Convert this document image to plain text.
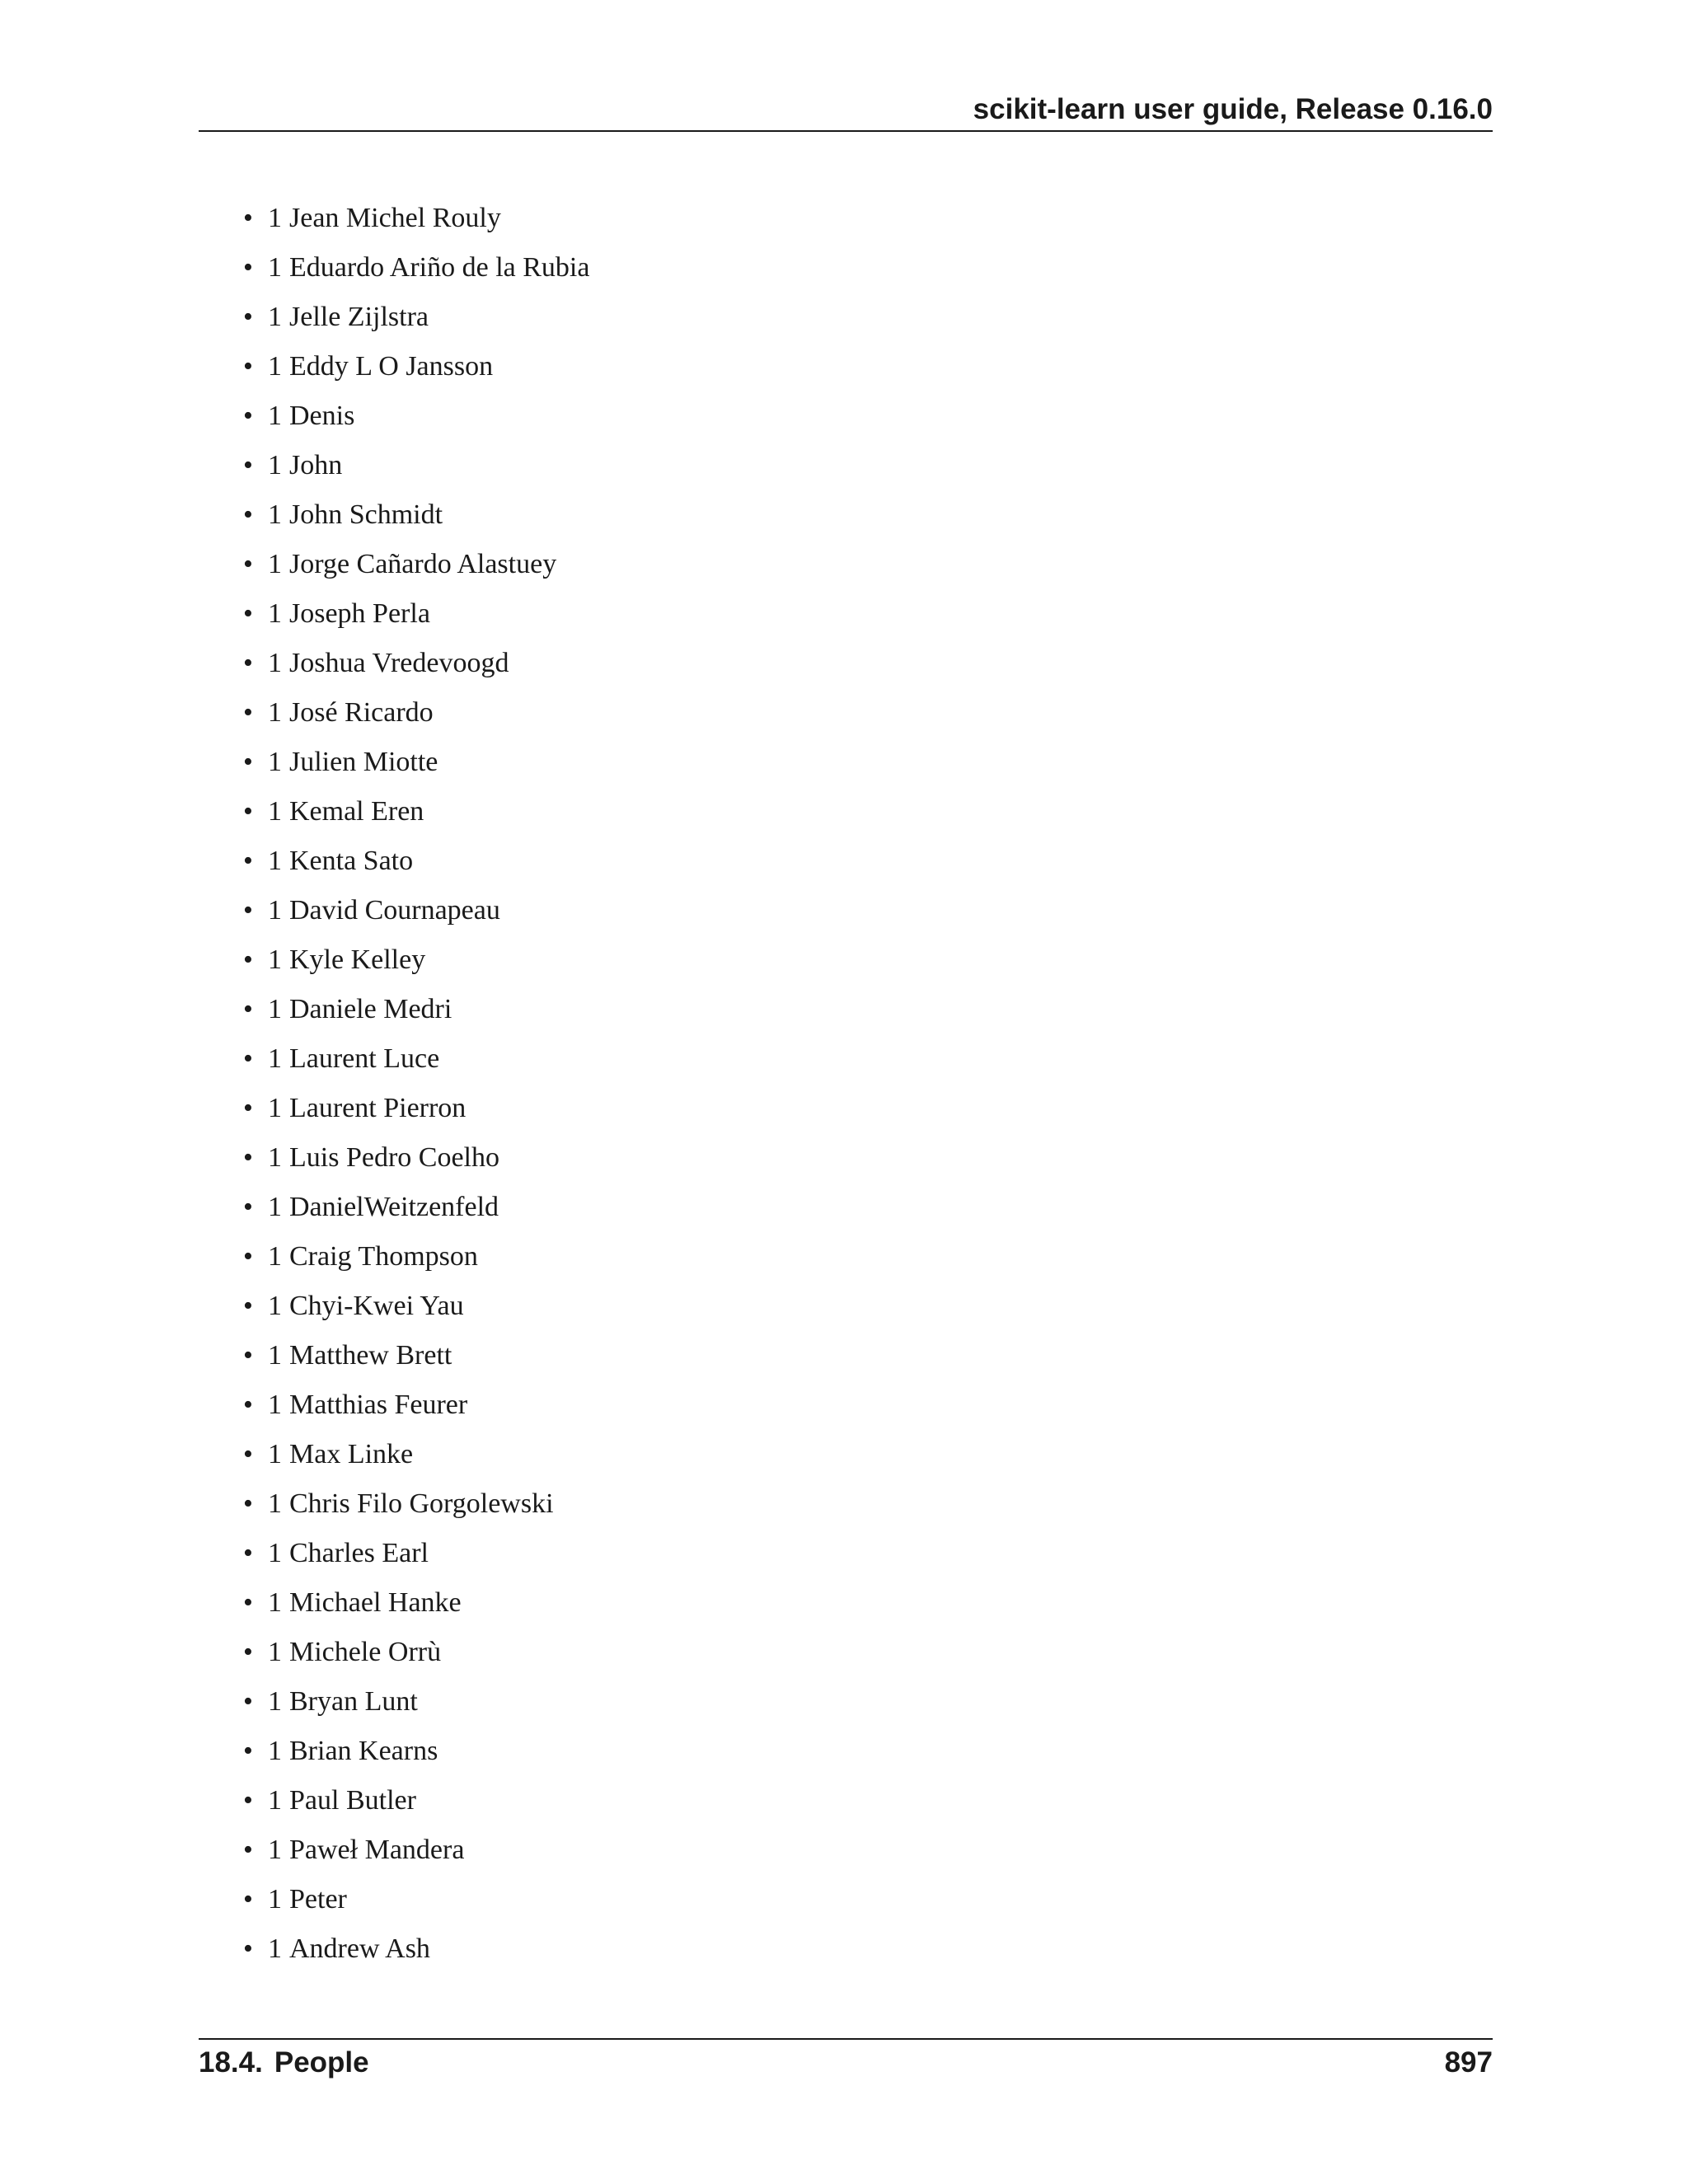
scikit-learn user guide, Release 0.16.0
• 1 Jean Michel Rouly
• 1 Eduardo Ariño de la Rubia
• 1 Jelle Zijlstra
• 1 Eddy L O Jansson
• 1 Denis
• 1 John
• 1 John Schmidt
• 1 Jorge Cañardo Alastuey
• 1 Joseph Perla
• 1 Joshua Vredevoogd
• 1 José Ricardo
• 1 Julien Miotte
• 1 Kemal Eren
• 1 Kenta Sato
• 1 David Cournapeau
• 1 Kyle Kelley
• 1 Daniele Medri
• 1 Laurent Luce
• 1 Laurent Pierron
• 1 Luis Pedro Coelho
• 1 DanielWeitzenfeld
• 1 Craig Thompson
• 1 Chyi-Kwei Yau
• 1 Matthew Brett
• 1 Matthias Feurer
• 1 Max Linke
• 1 Chris Filo Gorgolewski
• 1 Charles Earl
• 1 Michael Hanke
• 1 Michele Orrù
• 1 Bryan Lunt
• 1 Brian Kearns
• 1 Paul Butler
• 1 Paweł Mandera
• 1 Peter
• 1 Andrew Ash
18.4. People	897
